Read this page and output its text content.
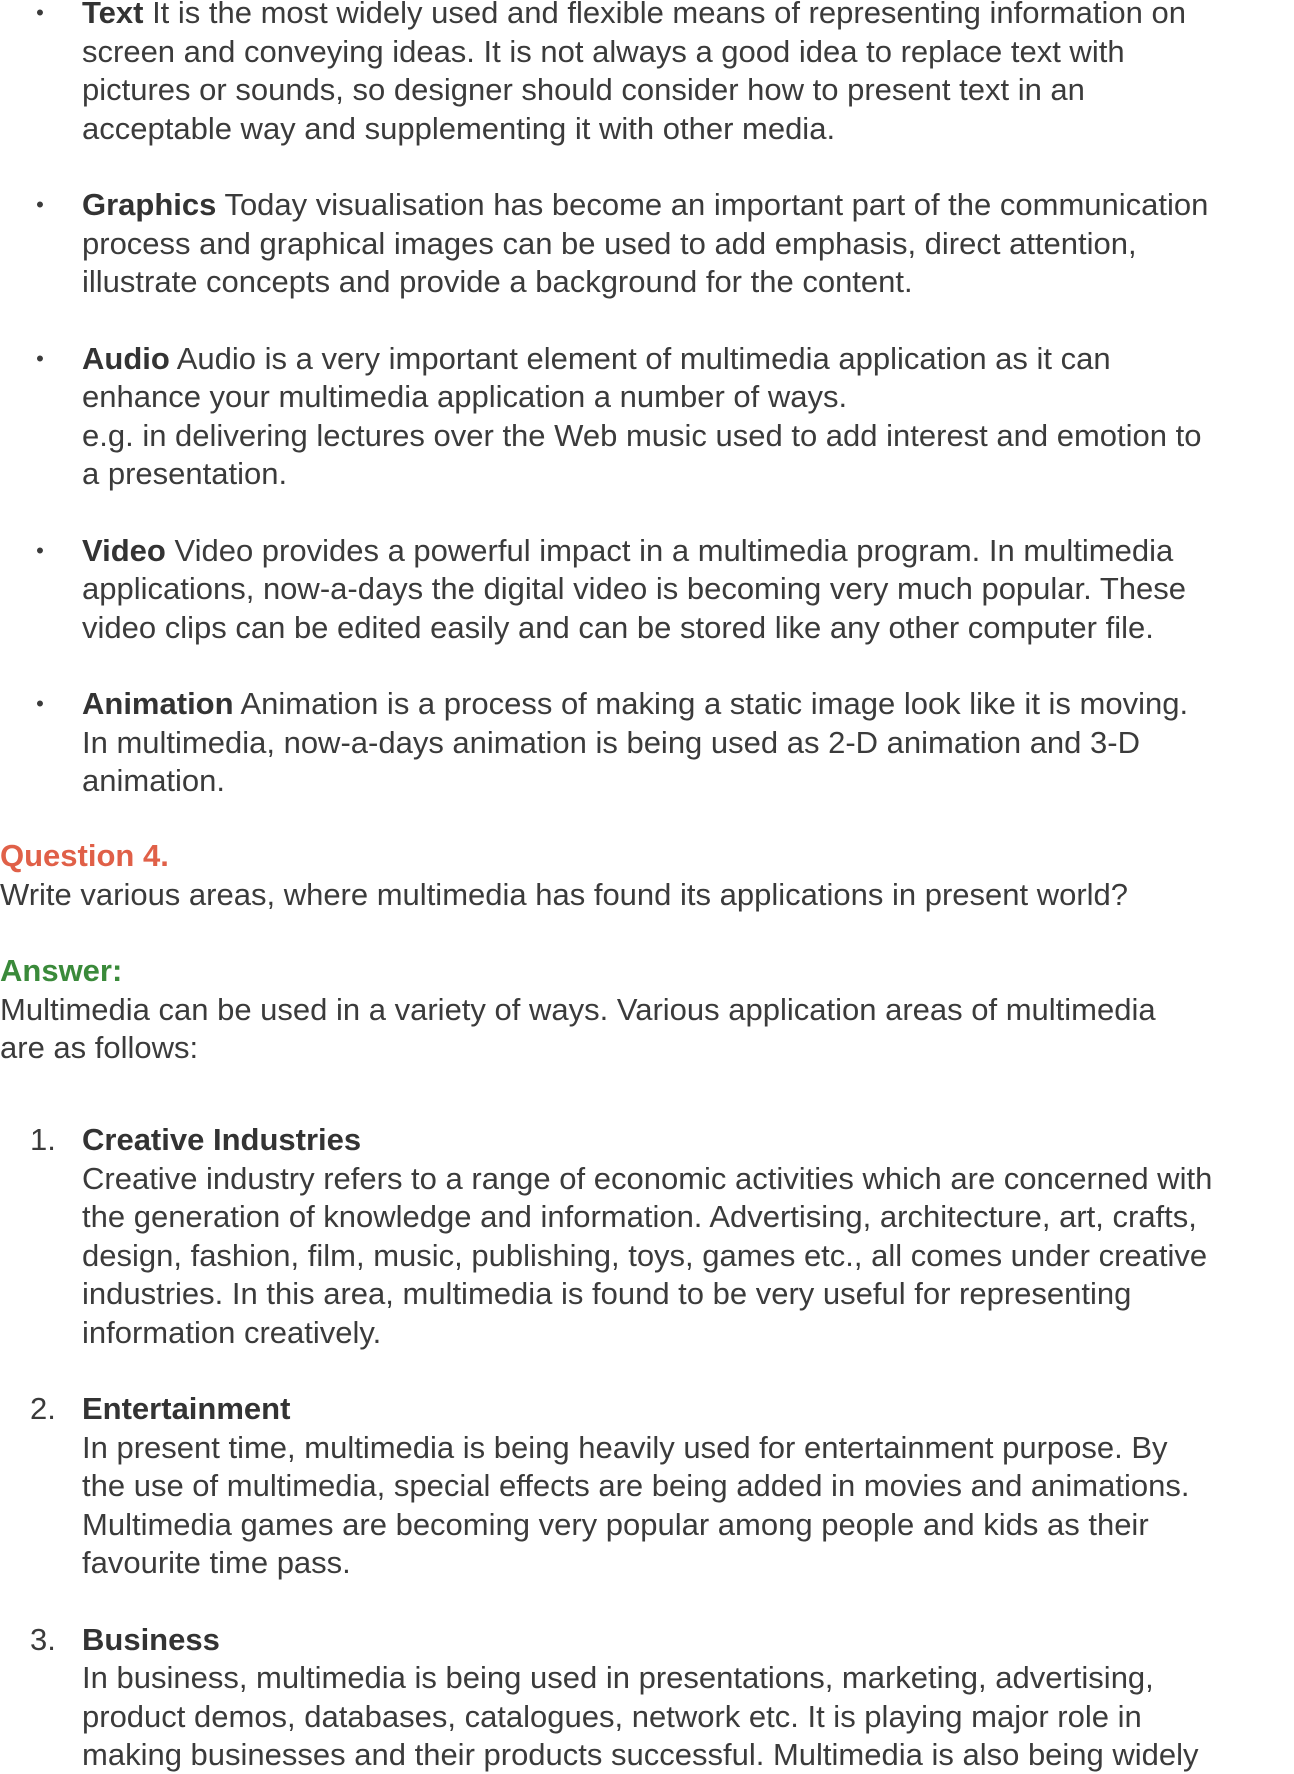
• Text It is the most widely used and flexible means of representing information on
screen and conveying ideas. It is not always a good idea to replace text with
pictures or sounds, so designer should consider how to present text in an
acceptable way and supplementing it with other media.
• Graphics Today visualisation has become an important part of the communication
process and graphical images can be used to add emphasis, direct attention,
illustrate concepts and provide a background for the content.
• Audio Audio is a very important element of multimedia application as it can
enhance your multimedia application a number of ways.
e.g. in delivering lectures over the Web music used to add interest and emotion to
a presentation.
• Video Video provides a powerful impact in a multimedia program. In multimedia
applications, now-a-days the digital video is becoming very much popular. These
video clips can be edited easily and can be stored like any other computer file.
• Animation Animation is a process of making a static image look like it is moving.
In multimedia, now-a-days animation is being used as 2-D animation and 3-D
animation.
Question 4.
Write various areas, where multimedia has found its applications in present world?
Answer:
Multimedia can be used in a variety of ways. Various application areas of multimedia
are as follows:
1. Creative Industries
Creative industry refers to a range of economic activities which are concerned with
the generation of knowledge and information. Advertising, architecture, art, crafts,
design, fashion, film, music, publishing, toys, games etc., all comes under creative
industries. In this area, multimedia is found to be very useful for representing
information creatively.
2. Entertainment
In present time, multimedia is being heavily used for entertainment purpose. By
the use of multimedia, special effects are being added in movies and animations.
Multimedia games are becoming very popular among people and kids as their
favourite time pass.
3. Business
In business, multimedia is being used in presentations, marketing, advertising,
product demos, databases, catalogues, network etc. It is playing major role in
making businesses and their products successful. Multimedia is also being widely
